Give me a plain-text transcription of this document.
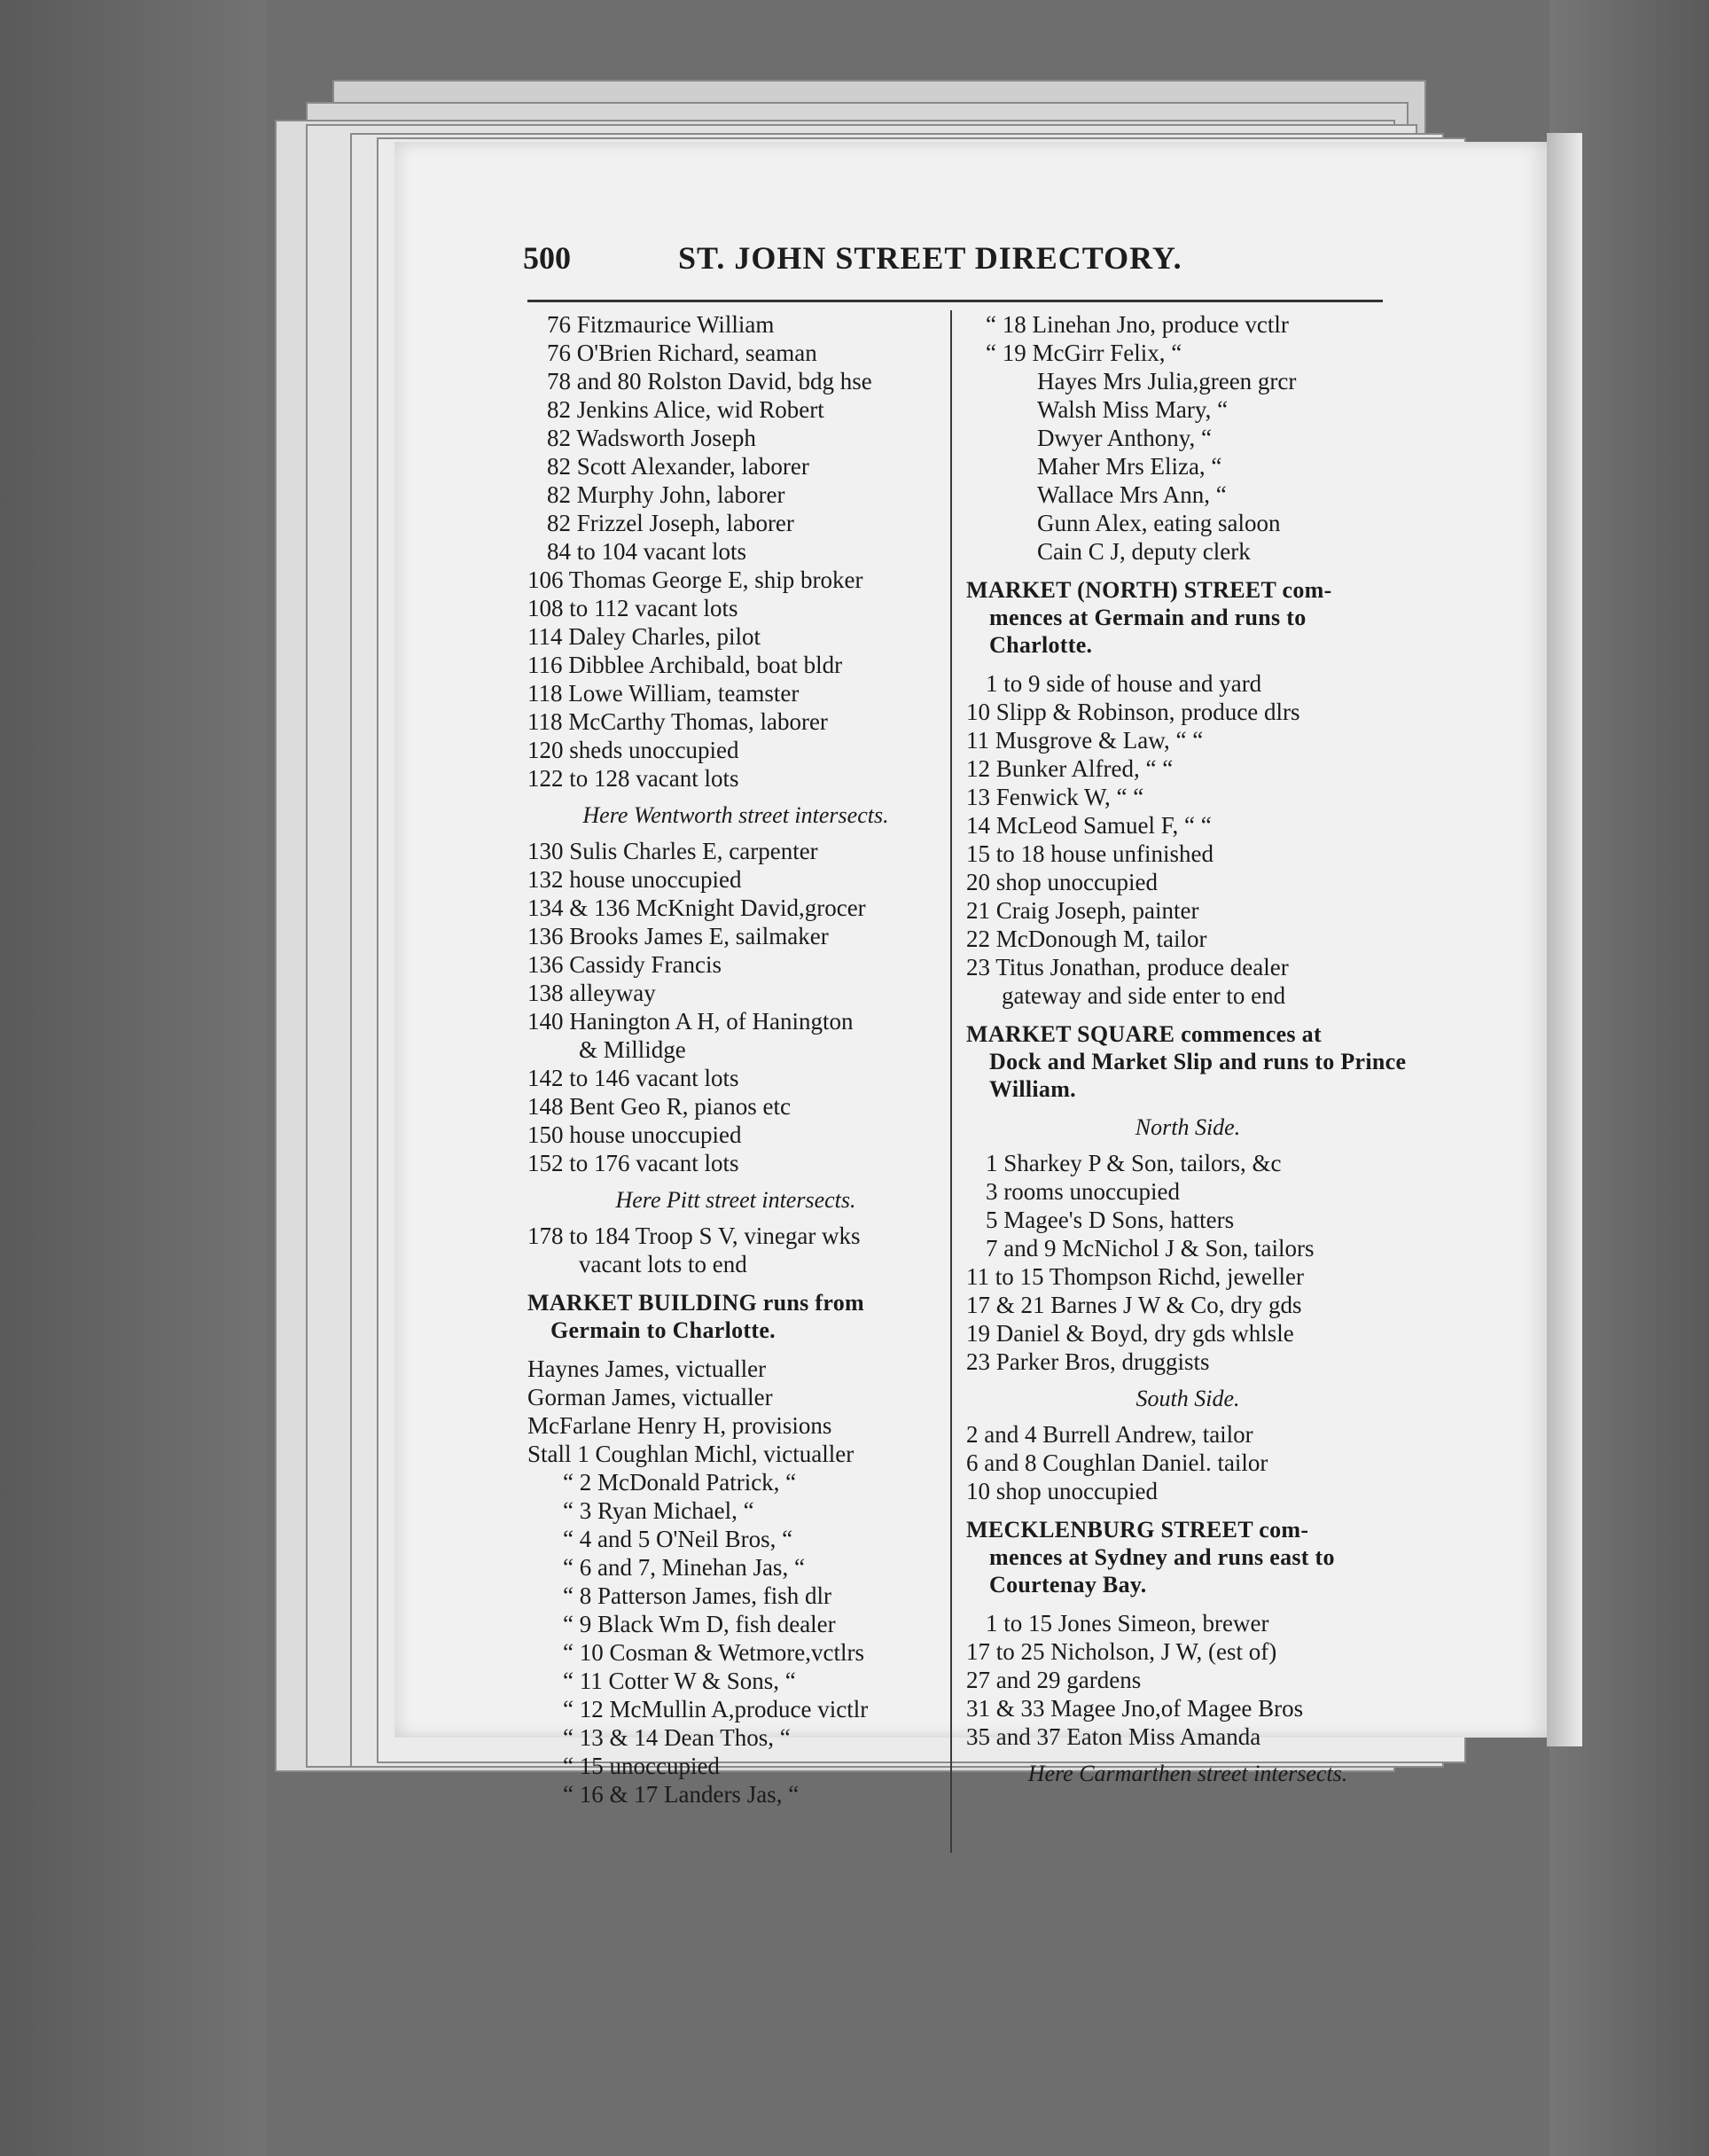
500	ST. JOHN STREET DIRECTORY.
76 Fitzmaurice William
76 O'Brien Richard, seaman
78 and 80 Rolston David, bdg hse
82 Jenkins Alice, wid Robert
82 Wadsworth Joseph
82 Scott Alexander, laborer
82 Murphy John, laborer
82 Frizzel Joseph, laborer
84 to 104 vacant lots
106 Thomas George E, ship broker
108 to 112 vacant lots
114 Daley Charles, pilot
116 Dibblee Archibald, boat bldr
118 Lowe William, teamster
118 McCarthy Thomas, laborer
120 sheds unoccupied
122 to 128 vacant lots
Here Wentworth street intersects.
130 Sulis Charles E, carpenter
132 house unoccupied
134 & 136 McKnight David,grocer
136 Brooks James E, sailmaker
136 Cassidy Francis
138 alleyway
140 Hanington A H, of Hanington
& Millidge
142 to 146 vacant lots
148 Bent Geo R, pianos etc
150 house unoccupied
152 to 176 vacant lots
Here Pitt street intersects.
178 to 184 Troop S V, vinegar wks
vacant lots to end
MARKET BUILDING runs from
Germain to Charlotte.
Haynes James, victualler
Gorman James, victualler
McFarlane Henry H, provisions
Stall 1 Coughlan Michl, victualler
“ 2 McDonald Patrick, “
“ 3 Ryan Michael, “
“ 4 and 5 O'Neil Bros, “
“ 6 and 7, Minehan Jas, “
“ 8 Patterson James, fish dlr
“ 9 Black Wm D, fish dealer
“ 10 Cosman & Wetmore,vctlrs
“ 11 Cotter W & Sons, “
“ 12 McMullin A,produce victlr
“ 13 & 14 Dean Thos, “
“ 15 unoccupied
“ 16 & 17 Landers Jas, “
“ 18 Linehan Jno, produce vctlr
“ 19 McGirr Felix, “
Hayes Mrs Julia,green grcr
Walsh Miss Mary, “
Dwyer Anthony, “
Maher Mrs Eliza, “
Wallace Mrs Ann, “
Gunn Alex, eating saloon
Cain C J, deputy clerk
MARKET (NORTH) STREET com-
mences at Germain and runs to Charlotte.
1 to 9 side of house and yard
10 Slipp & Robinson, produce dlrs
11 Musgrove & Law, “ “
12 Bunker Alfred, “ “
13 Fenwick W, “ “
14 McLeod Samuel F, “ “
15 to 18 house unfinished
20 shop unoccupied
21 Craig Joseph, painter
22 McDonough M, tailor
23 Titus Jonathan, produce dealer
gateway and side enter to end
MARKET SQUARE commences at
Dock and Market Slip and runs to Prince William.
North Side.
1 Sharkey P & Son, tailors, &c
3 rooms unoccupied
5 Magee's D Sons, hatters
7 and 9 McNichol J & Son, tailors
11 to 15 Thompson Richd, jeweller
17 & 21 Barnes J W & Co, dry gds
19 Daniel & Boyd, dry gds whlsle
23 Parker Bros, druggists
South Side.
2 and 4 Burrell Andrew, tailor
6 and 8 Coughlan Daniel. tailor
10 shop unoccupied
MECKLENBURG STREET com-
mences at Sydney and runs east to Courtenay Bay.
1 to 15 Jones Simeon, brewer
17 to 25 Nicholson, J W, (est of)
27 and 29 gardens
31 & 33 Magee Jno,of Magee Bros
35 and 37 Eaton Miss Amanda
Here Carmarthen street intersects.
